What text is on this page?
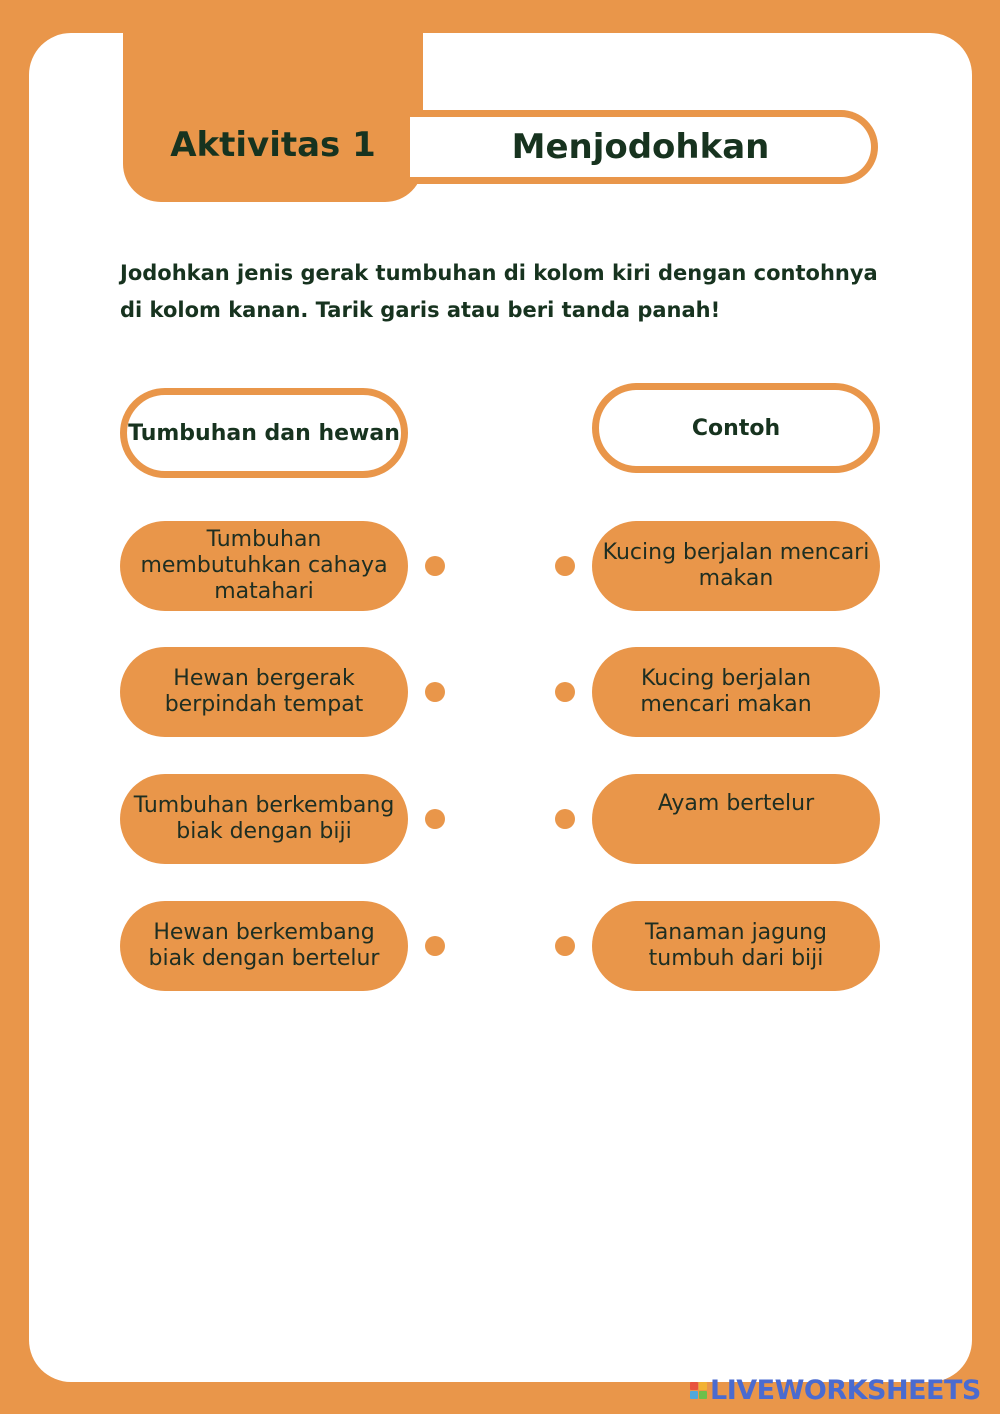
Aktivitas 1	Menjodohkan

Jodohkan jenis gerak tumbuhan di kolom kiri dengan contohnya di kolom kanan. Tarik garis atau beri tanda panah!

Tumbuhan dan hewan	Contoh
Tumbuhan membutuhkan cahaya matahari
Hewan bergerak berpindah tempat
Tumbuhan berkembang biak dengan biji
Hewan berkembang biak dengan bertelur
Kucing berjalan mencari makan
Kucing berjalan mencari makan
Ayam bertelur
Tanaman jagung tumbuh dari biji
LIVEWORKSHEETS
